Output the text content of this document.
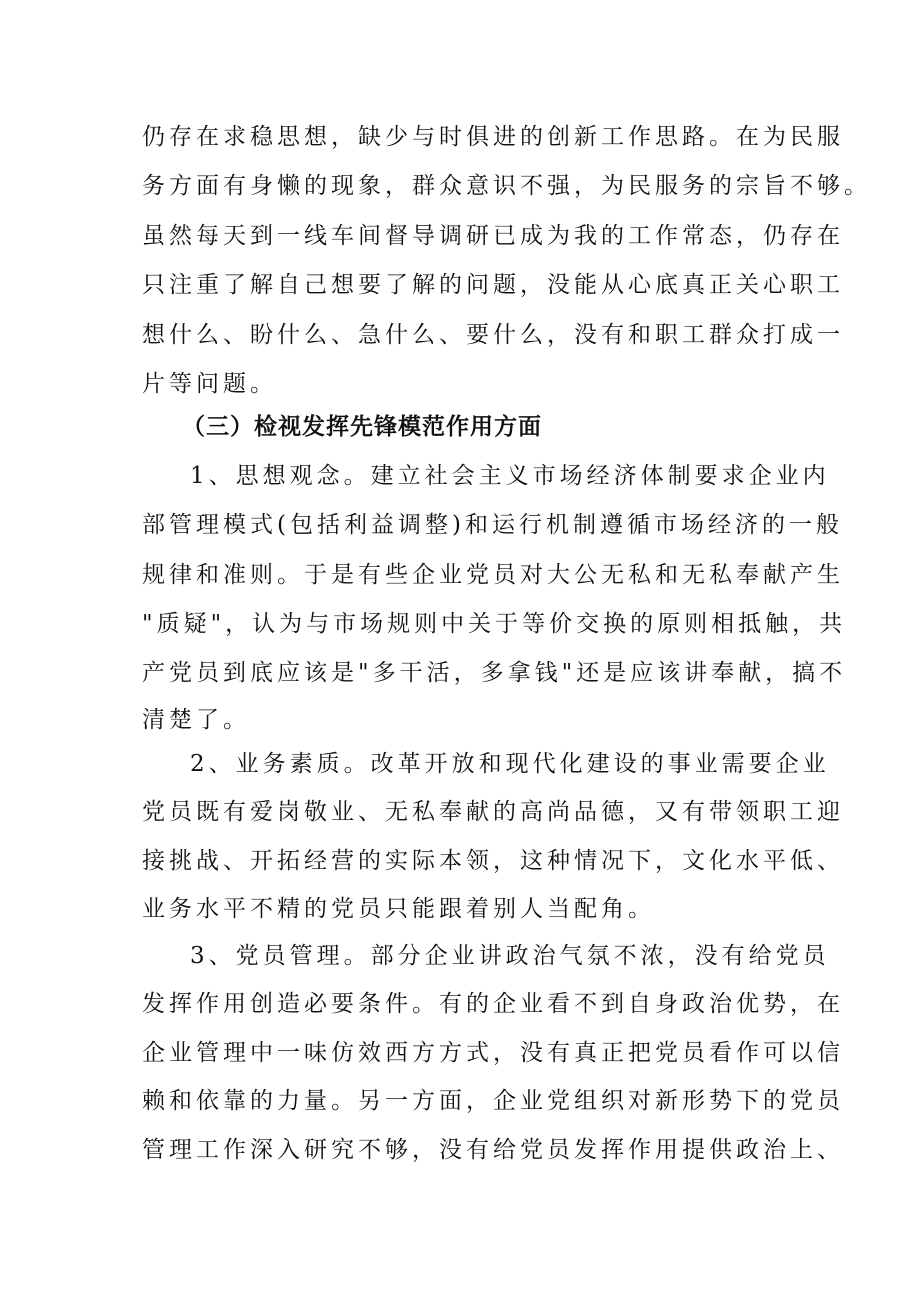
仍存在求稳思想，缺少与时俱进的创新工作思路。在为民服
务方面有身懒的现象，群众意识不强，为民服务的宗旨不够。
虽然每天到一线车间督导调研已成为我的工作常态，仍存在
只注重了解自己想要了解的问题，没能从心底真正关心职工
想什么、盼什么、急什么、要什么，没有和职工群众打成一
片等问题。
（三）检视发挥先锋模范作用方面
1、思想观念。建立社会主义市场经济体制要求企业内
部管理模式(包括利益调整)和运行机制遵循市场经济的一般
规律和准则。于是有些企业党员对大公无私和无私奉献产生
"质疑"，认为与市场规则中关于等价交换的原则相抵触，共
产党员到底应该是"多干活，多拿钱"还是应该讲奉献，搞不
清楚了。
2、业务素质。改革开放和现代化建设的事业需要企业
党员既有爱岗敬业、无私奉献的高尚品德，又有带领职工迎
接挑战、开拓经营的实际本领，这种情况下，文化水平低、
业务水平不精的党员只能跟着别人当配角。
3、党员管理。部分企业讲政治气氛不浓，没有给党员
发挥作用创造必要条件。有的企业看不到自身政治优势，在
企业管理中一味仿效西方方式，没有真正把党员看作可以信
赖和依靠的力量。另一方面，企业党组织对新形势下的党员
管理工作深入研究不够，没有给党员发挥作用提供政治上、
